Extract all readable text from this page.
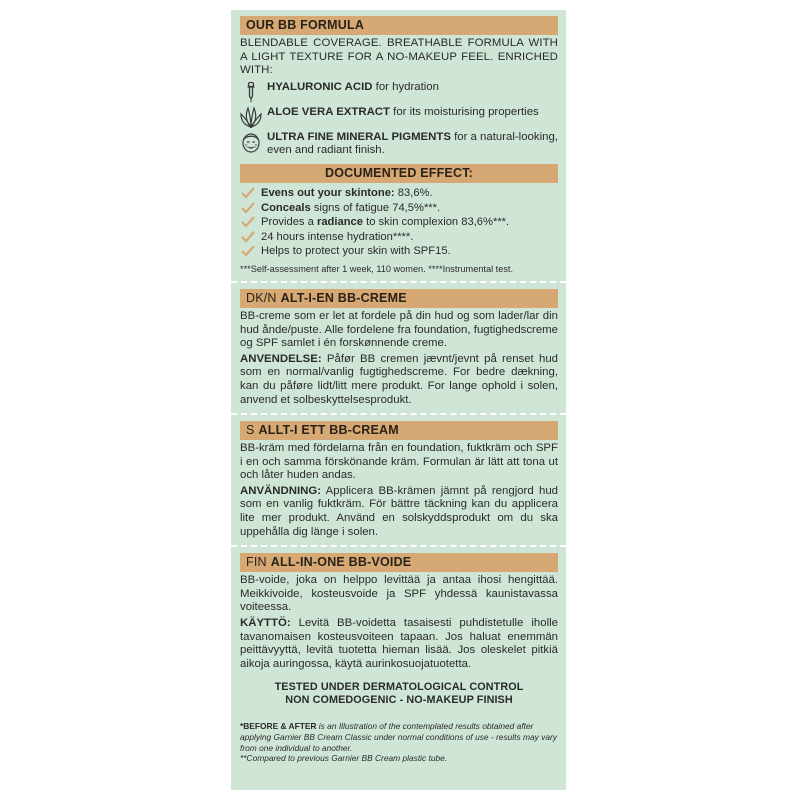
OUR BB FORMULA
BLENDABLE COVERAGE. BREATHABLE FORMULA WITH A LIGHT TEXTURE FOR A NO-MAKEUP FEEL. ENRICHED WITH:
HYALURONIC ACID for hydration
ALOE VERA EXTRACT for its moisturising properties
ULTRA FINE MINERAL PIGMENTS for a natural-looking, even and radiant finish.
DOCUMENTED EFFECT:
Evens out your skintone: 83,6%.
Conceals signs of fatigue 74,5%***.
Provides a radiance to skin complexion 83,6%***.
24 hours intense hydration****.
Helps to protect your skin with SPF15.
***Self-assessment after 1 week, 110 women. ****Instrumental test.
DK/N ALT-I-EN BB-CREME
BB-creme som er let at fordele på din hud og som lader/lar din hud ånde/puste. Alle fordelene fra foundation, fugtighedscreme og SPF samlet i én forskønnende creme.
ANVENDELSE: Påfør BB cremen jævnt/jevnt på renset hud som en normal/vanlig fugtighedscreme. For bedre dækning, kan du påføre lidt/litt mere produkt. For lange ophold i solen, anvend et solbeskyttelsesprodukt.
S ALLT-I ETT BB-CREAM
BB-kräm med fördelarna från en foundation, fuktkräm och SPF i en och samma förskönande kräm. Formulan är lätt att tona ut och låter huden andas.
ANVÄNDNING: Applicera BB-krämen jämnt på rengjord hud som en vanlig fuktkräm. För bättre täckning kan du applicera lite mer produkt. Använd en solskyddsprodukt om du ska uppehålla dig länge i solen.
FIN ALL-IN-ONE BB-VOIDE
BB-voide, joka on helppo levittää ja antaa ihosi hengittää. Meikkivoide, kosteusvoide ja SPF yhdessä kaunistavassa voiteessa.
KÄYTTÖ: Levitä BB-voidetta tasaisesti puhdistetulle iholle tavanomaisen kosteusvoiteen tapaan. Jos haluat enemmän peittävyyttä, levitä tuotetta hieman lisää. Jos oleskelet pitkiä aikoja auringossa, käytä aurinkosuojatuotetta.
TESTED UNDER DERMATOLOGICAL CONTROL
NON COMEDOGENIC - NO-MAKEUP FINISH
*BEFORE & AFTER is an Illustration of the contemplated results obtained after applying Garnier BB Cream Classic under normal conditions of use - results may vary from one individual to another.
**Compared to previous Garnier BB Cream plastic tube.
